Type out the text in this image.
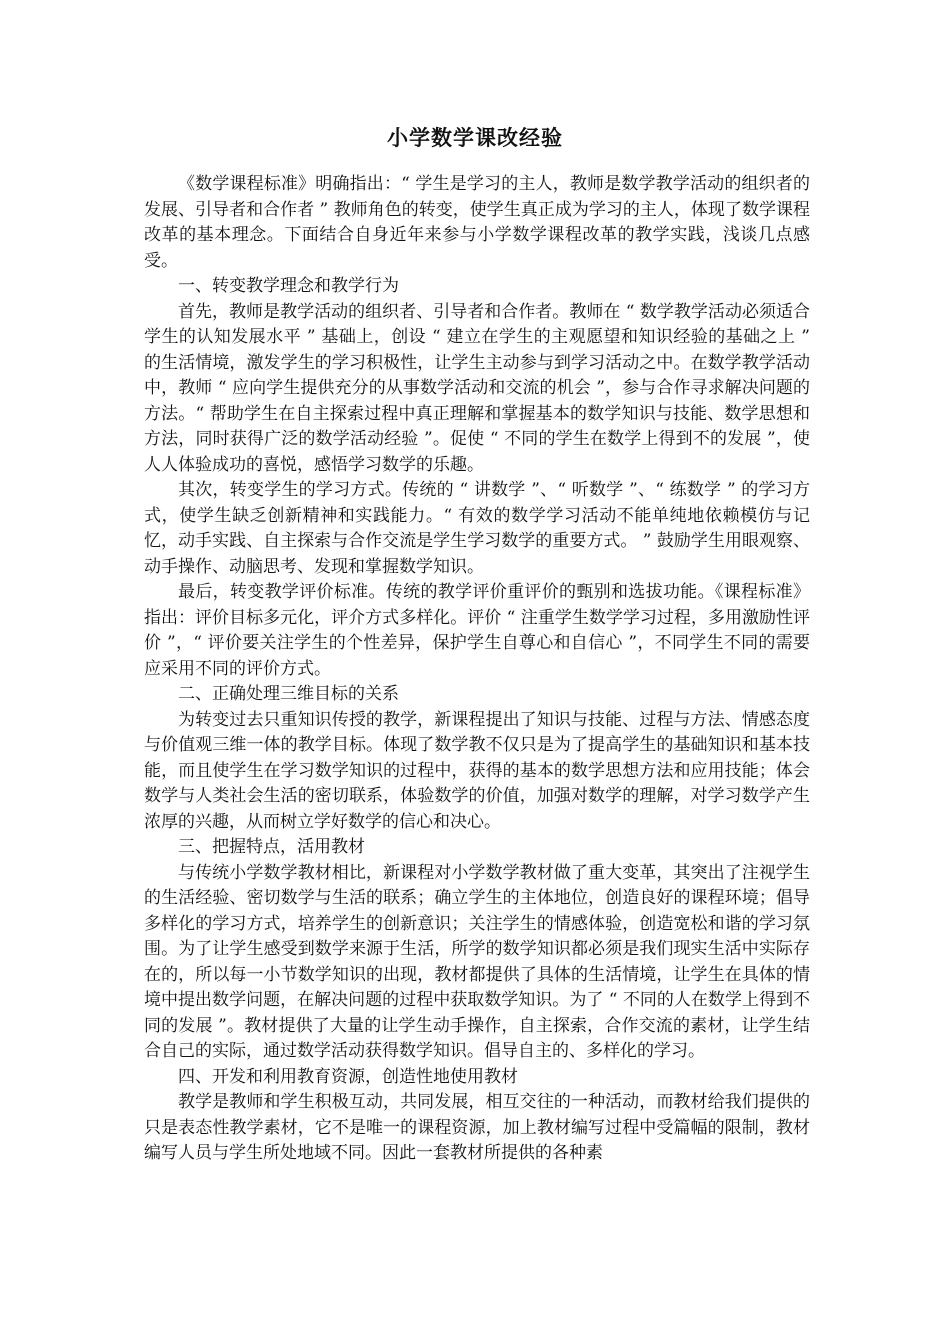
小学数学课改经验

《数学课程标准》明确指出：“ 学生是学习的主人，教师是数学教学活动的组织者的发展、引导者和合作者 ” 教师角色的转变，使学生真正成为学习的主人，体现了数学课程改革的基本理念。下面结合自身近年来参与小学数学课程改革的教学实践，浅谈几点感受。

一、转变教学理念和教学行为

首先，教师是教学活动的组织者、引导者和合作者。教师在 “ 数学教学活动必须适合学生的认知发展水平 ” 基础上，创设 “ 建立在学生的主观愿望和知识经验的基础之上 ” 的生活情境，激发学生的学习积极性，让学生主动参与到学习活动之中。在数学教学活动中，教师 “ 应向学生提供充分的从事数学活动和交流的机会 ”，参与合作寻求解决问题的方法。“ 帮助学生在自主探索过程中真正理解和掌握基本的数学知识与技能、数学思想和方法，同时获得广泛的数学活动经验 ”。促使 “ 不同的学生在数学上得到不的发展 ”，使人人体验成功的喜悦，感悟学习数学的乐趣。

其次，转变学生的学习方式。传统的 “ 讲数学 ”、“ 听数学 ”、“ 练数学 ” 的学习方式，使学生缺乏创新精神和实践能力。“ 有效的数学学习活动不能单纯地依赖模仿与记忆，动手实践、自主探索与合作交流是学生学习数学的重要方式。 ” 鼓励学生用眼观察、动手操作、动脑思考、发现和掌握数学知识。

最后，转变教学评价标准。传统的教学评价重评价的甄别和选拔功能。《课程标准》指出：评价目标多元化，评介方式多样化。评价 “ 注重学生数学学习过程，多用激励性评价 ”，“ 评价要关注学生的个性差异，保护学生自尊心和自信心 ”，不同学生不同的需要应采用不同的评价方式。

二、正确处理三维目标的关系

为转变过去只重知识传授的教学，新课程提出了知识与技能、过程与方法、情感态度与价值观三维一体的教学目标。体现了数学教不仅只是为了提高学生的基础知识和基本技能，而且使学生在学习数学知识的过程中，获得的基本的数学思想方法和应用技能；体会数学与人类社会生活的密切联系，体验数学的价值，加强对数学的理解，对学习数学产生浓厚的兴趣，从而树立学好数学的信心和决心。

三、把握特点，活用教材

与传统小学数学教材相比，新课程对小学数学教材做了重大变革，其突出了注视学生的生活经验、密切数学与生活的联系；确立学生的主体地位，创造良好的课程环境；倡导多样化的学习方式，培养学生的创新意识；关注学生的情感体验，创造宽松和谐的学习氛围。为了让学生感受到数学来源于生活，所学的数学知识都必须是我们现实生活中实际存在的，所以每一小节数学知识的出现，教材都提供了具体的生活情境，让学生在具体的情境中提出数学问题，在解决问题的过程中获取数学知识。为了 “ 不同的人在数学上得到不同的发展 ”。教材提供了大量的让学生动手操作，自主探索，合作交流的素材，让学生结合自己的实际，通过数学活动获得数学知识。倡导自主的、多样化的学习。

四、开发和利用教育资源，创造性地使用教材

教学是教师和学生积极互动，共同发展，相互交往的一种活动，而教材给我们提供的只是表态性教学素材，它不是唯一的课程资源，加上教材编写过程中受篇幅的限制，教材编写人员与学生所处地域不同。因此一套教材所提供的各种素
